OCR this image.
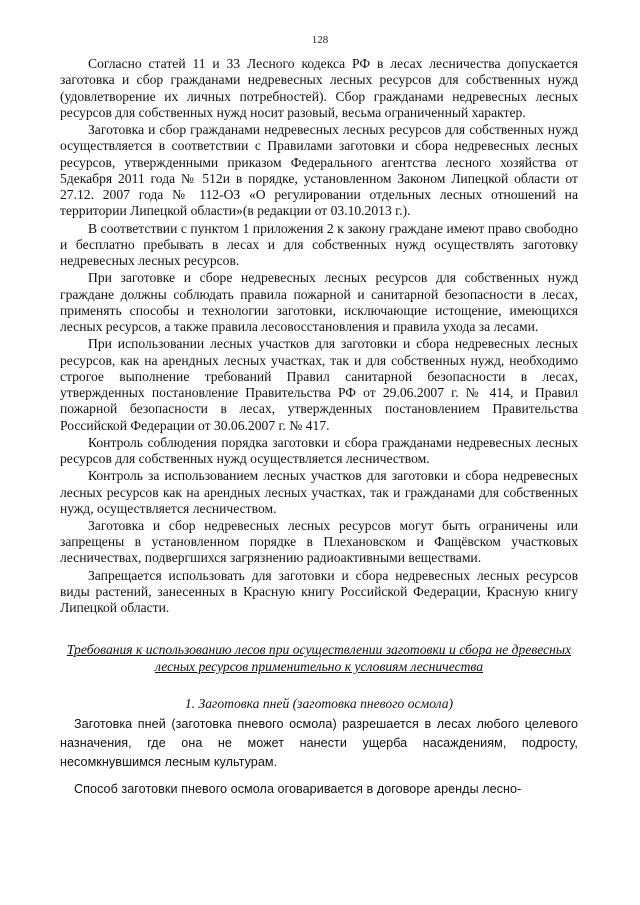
128

Согласно статей 11 и 33 Лесного кодекса РФ в лесах лесничества допускается заготовка и сбор гражданами недревесных лесных ресурсов для собственных нужд (удовлетворение их личных потребностей). Сбор гражданами недревесных лесных ресурсов для собственных нужд носит разовый, весьма ограниченный характер.

Заготовка и сбор гражданами недревесных лесных ресурсов для собственных нужд осуществляется в соответствии с Правилами заготовки и сбора недревесных лесных ресурсов, утвержденными приказом Федерального агентства лесного хозяйства от 5декабря 2011 года № 512и в порядке, установленном Законом Липецкой области от 27.12. 2007 года № 112-ОЗ «О регулировании отдельных лесных отношений на территории Липецкой области»(в редакции от 03.10.2013 г.).

В соответствии с пунктом 1 приложения 2 к закону граждане имеют право свободно и бесплатно пребывать в лесах и для собственных нужд осуществлять заготовку недревесных лесных ресурсов.

При заготовке и сборе недревесных лесных ресурсов для собственных нужд граждане должны соблюдать правила пожарной и санитарной безопасности в лесах, применять способы и технологии заготовки, исключающие истощение, имеющихся лесных ресурсов, а также правила лесовосстановления и правила ухода за лесами.

При использовании лесных участков для заготовки и сбора недревесных лесных ресурсов, как на арендных лесных участках, так и для собственных нужд, необходимо строгое выполнение требований Правил санитарной безопасности в лесах, утвержденных постановление Правительства РФ от 29.06.2007 г. № 414, и Правил пожарной безопасности в лесах, утвержденных постановлением Правительства Российской Федерации от 30.06.2007 г. № 417.

Контроль соблюдения порядка заготовки и сбора гражданами недревесных лесных ресурсов для собственных нужд осуществляется лесничеством.

Контроль за использованием лесных участков для заготовки и сбора недревесных лесных ресурсов как на арендных лесных участках, так и гражданами для собственных нужд, осуществляется лесничеством.

Заготовка и сбор недревесных лесных ресурсов могут быть ограничены или запрещены в установленном порядке в Плехановском и Фащёвском участковых лесничествах, подвергшихся загрязнению радиоактивными веществами.

Запрещается использовать для заготовки и сбора недревесных лесных ресурсов виды растений, занесенных в Красную книгу Российской Федерации, Красную книгу Липецкой области.

Требования к использованию лесов при осуществлении заготовки и сбора не древесных лесных ресурсов применительно к условиям лесничества

1. Заготовка пней (заготовка пневого осмола)

Заготовка пней (заготовка пневого осмола) разрешается в лесах любого целевого назначения, где она не может нанести ущерба насаждениям, подросту, несомкнувшимся лесным культурам.

Способ заготовки пневого осмола оговаривается в договоре аренды лесно-
